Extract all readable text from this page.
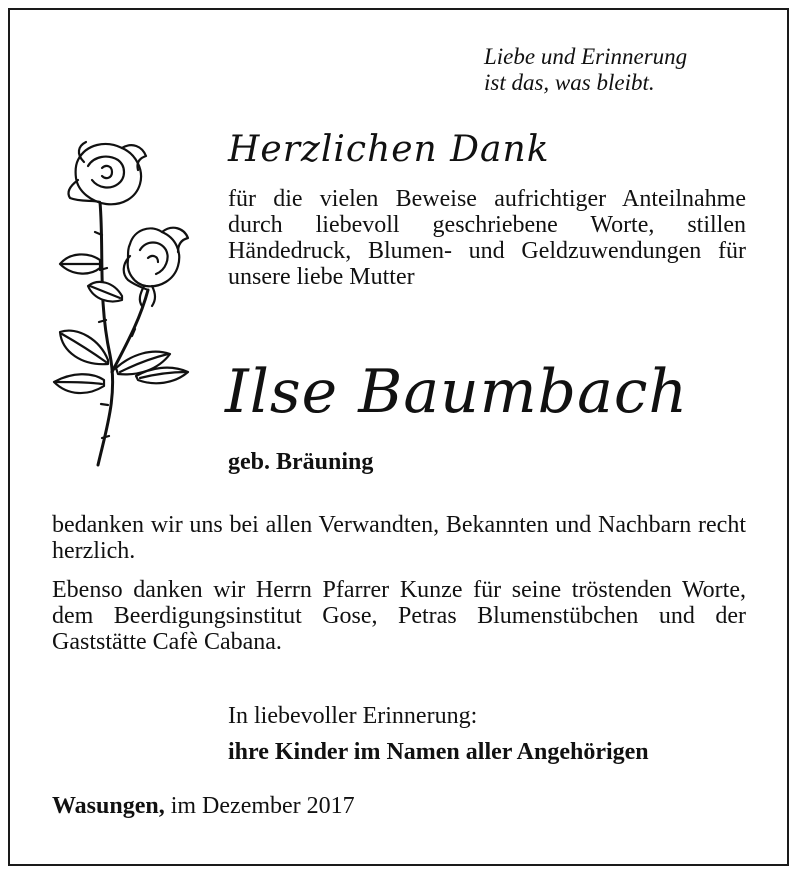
Liebe und Erinnerung
ist das, was bleibt.
Herzlichen Dank

für die vielen Beweise aufrichtiger Anteilnahme durch liebevoll geschriebene Worte, stillen Händedruck, Blumen- und Geldzuwendungen für unsere liebe Mutter

Ilse Baumbach
geb. Bräuning

bedanken wir uns bei allen Verwandten, Bekannten und Nachbarn recht herzlich.

Ebenso danken wir Herrn Pfarrer Kunze für seine tröstenden Worte, dem Beerdigungsinstitut Gose, Petras Blumenstübchen und der Gaststätte Cafè Cabana.

In liebevoller Erinnerung:
ihre Kinder im Namen aller Angehörigen
Wasungen, im Dezember 2017
